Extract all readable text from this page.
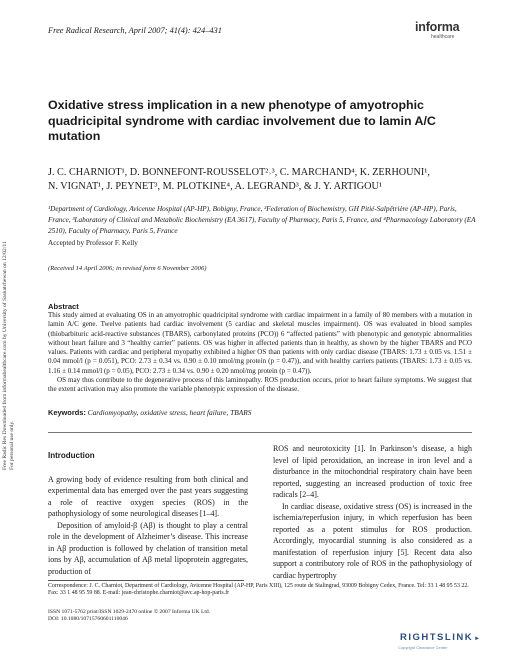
Free Radic Res Downloaded from informahealthcare.com by University of Saskatchewan on 12/02/11 For personal use only.
Free Radical Research, April 2007; 41(4): 424–431	informa
healthcare
Oxidative stress implication in a new phenotype of amyotrophic quadricipital syndrome with cardiac involvement due to lamin A/C mutation
J. C. CHARNIOT¹, D. BONNEFONT-ROUSSELOT²˒³, C. MARCHAND⁴, K. ZERHOUNI¹,
N. VIGNAT¹, J. PEYNET³, M. PLOTKINE⁴, A. LEGRAND³, & J. Y. ARTIGOU¹
¹Department of Cardiology, Avicenne Hospital (AP-HP), Bobigny, France, ²Federation of Biochemistry, GH Pitié-Salpêtrière (AP-HP), Paris, France, ³Laboratory of Clinical and Metabolic Biochemistry (EA 3617), Faculty of Pharmacy, Paris 5, France, and ⁴Pharmacology Laboratory (EA 2510), Faculty of Pharmacy, Paris 5, France
Accepted by Professor F. Kelly
(Received 14 April 2006; in revised form 6 November 2006)
Abstract

This study aimed at evaluating OS in an amyotrophic quadricipital syndrome with cardiac impairment in a family of 80 members with a mutation in lamin A/C gene. Twelve patients had cardiac involvement (5 cardiac and skeletal muscles impairment). OS was evaluated in blood samples (thiobarbituric acid-reactive substances (TBARS), carbonylated proteins (PCO)) 6 “affected patients” with phenotypic and genotypic abnormalities without heart failure and 3 “healthy carrier” patients. OS was higher in affected patients than in healthy, as shown by the higher TBARS and PCO values. Patients with cardiac and peripheral myopathy exhibited a higher OS than patients with only cardiac disease (TBARS: 1.73 ± 0.05 vs. 1.51 ± 0.04 mmol/l (p = 0.051), PCO: 2.73 ± 0.34 vs. 0.90 ± 0.10 nmol/mg protein (p = 0.47)), and with healthy carriers patients (TBARS: 1.73 ± 0.05 vs. 1.16 ± 0.14 mmol/l (p = 0.05), PCO: 2.73 ± 0.34 vs. 0.90 ± 0.20 nmol/mg protein (p = 0.47)).

OS may thus contribute to the degenerative process of this laminopathy. ROS production occurs, prior to heart failure symptoms. We suggest that the extent activation may also promote the variable phenotypic expression of the disease.

Keywords: Cardiomyopathy, oxidative stress, heart failure, TBARS
Introduction

A growing body of evidence resulting from both clinical and experimental data has emerged over the past years suggesting a role of reactive oxygen species (ROS) in the pathophysiology of some neurological diseases [1–4].

Deposition of amyloid-β (Aβ) is thought to play a central role in the development of Alzheimer’s disease. This increase in Aβ production is followed by chelation of transition metal ions by Aβ, accumulation of Aβ metal lipoprotein aggregates, production of

ROS and neurotoxicity [1]. In Parkinson’s disease, a high level of lipid peroxidation, an increase in iron level and a disturbance in the mitochondrial respiratory chain have been reported, suggesting an increased production of toxic free radicals [2–4].

In cardiac disease, oxidative stress (OS) is increased in the ischemia/reperfusion injury, in which reperfusion has been reported as a potent stimulus for ROS production. Accordingly, myocardial stunning is also considered as a manifestation of reperfusion injury [5]. Recent data also support a contributory role of ROS in the pathophysiology of cardiac hypertrophy

Correspondence: J. C. Charniot, Department of Cardiology, Avicenne Hospital (AP-HP, Paris XIII), 125 route de Stalingrad, 93009 Bobigny Cedex, France. Tel: 33 1 48 95 53 22. Fax: 33 1 48 95 59 88. E-mail: jean-christophe.charniot@avc.ap-hop-paris.fr
ISSN 1071-5762 print/ISSN 1029-2470 online © 2007 Informa UK Ltd.
DOI: 10.1080/10715760601110046
RIGHTSLINK►
Copyright Clearance Center
